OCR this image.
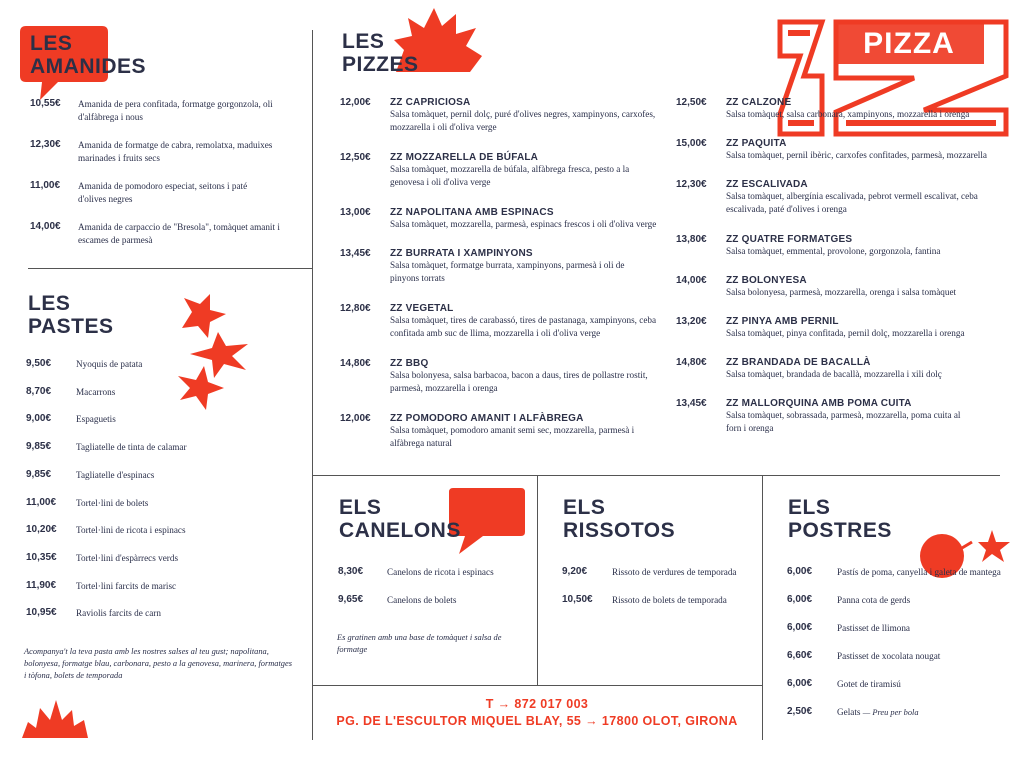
PIZZA
LES
AMANIDES
10,55€ Amanida de pera confitada, formatge gorgonzola, oli d'alfàbrega i nous
12,30€ Amanida de formatge de cabra, remolatxa, maduixes marinades i fruits secs
11,00€ Amanida de pomodoro especiat, seitons i paté d'olives negres
14,00€ Amanida de carpaccio de "Bresola", tomàquet amanit i escames de parmesà
LES
PASTES
9,50€	Nyoquis de patata
8,70€	Macarrons
9,00€	Espaguetis
9,85€	Tagliatelle de tinta de calamar
9,85€	Tagliatelle d'espinacs
11,00€ Tortel·lini de bolets
10,20€ Tortel·lini de ricota i espinacs
10,35€ Tortel·lini d'espàrrecs verds
11,90€ Tortel·lini farcits de marisc
10,95€ Raviolis farcits de carn
Acompanya't la teva pasta amb les nostres salses al teu gust; napolitana, bolonyesa, formatge blau, carbonara, pesto a la genovesa, marinera, formatges i tòfona, bolets de temporada
LES
PIZZES
12,00€ ZZ CAPRICIOSA
Salsa tomàquet, pernil dolç, puré d'olives negres, xampinyons, carxofes, mozzarella i oli d'oliva verge
12,50€ ZZ MOZZARELLA DE BÚFALA
Salsa tomàquet, mozzarella de búfala, alfàbrega fresca, pesto a la genovesa i oli d'oliva verge
13,00€ ZZ NAPOLITANA AMB ESPINACS
Salsa tomàquet, mozzarella, parmesà, espinacs frescos i oli d'oliva verge
13,45€ ZZ BURRATA I XAMPINYONS
Salsa tomàquet, formatge burrata, xampinyons, parmesà i oli de pinyons torrats
12,80€ ZZ VEGETAL
Salsa tomàquet, tires de carabassó, tires de pastanaga, xampinyons, ceba confitada amb suc de llima, mozzarella i oli d'oliva verge
14,80€ ZZ BBQ
Salsa bolonyesa, salsa barbacoa, bacon a daus, tires de pollastre rostit, parmesà, mozzarella i orenga
12,00€ ZZ POMODORO AMANIT I ALFÀBREGA
Salsa tomàquet, pomodoro amanit semi sec, mozzarella, parmesà i alfàbrega natural
12,50€ ZZ CALZONE
Salsa tomàquet, salsa carbonara, xampinyons, mozzarella i orenga
15,00€ ZZ PAQUITA
Salsa tomàquet, pernil ibèric, carxofes confitades, parmesà, mozzarella
12,30€ ZZ ESCALIVADA
Salsa tomàquet, albergínia escalivada, pebrot vermell escalivat, ceba escalivada, paté d'olives i orenga
13,80€ ZZ QUATRE FORMATGES
Salsa tomàquet, emmental, provolone, gorgonzola, fantina
14,00€ ZZ BOLONYESA
Salsa bolonyesa, parmesà, mozzarella, orenga i salsa tomàquet
13,20€ ZZ PINYA AMB PERNIL
Salsa tomàquet, pinya confitada, pernil dolç, mozzarella i orenga
14,80€ ZZ BRANDADA DE BACALLÀ
Salsa tomàquet, brandada de bacallà, mozzarella i xili dolç
13,45€ ZZ MALLORQUINA AMB POMA CUITA
Salsa tomàquet, sobrassada, parmesà, mozzarella, poma cuita al forn i orenga
ELS
CANELONS
8,30€	Canelons de ricota i espinacs
9,65€	Canelons de bolets
Es gratinen amb una base de tomàquet i salsa de formatge
ELS
RISSOTOS
9,20€	Rissoto de verdures de temporada
10,50€ Rissoto de bolets de temporada
ELS
POSTRES
6,00€	Pastís de poma, canyella i galeta de mantega
6,00€	Panna cota de gerds
6,00€	Pastisset de llimona
6,60€	Pastisset de xocolata nougat
6,00€	Gotet de tiramisú
2,50€	Gelats — Preu per bola
T → 872 017 003
PG. DE L'ESCULTOR MIQUEL BLAY, 55 → 17800 OLOT, GIRONA
